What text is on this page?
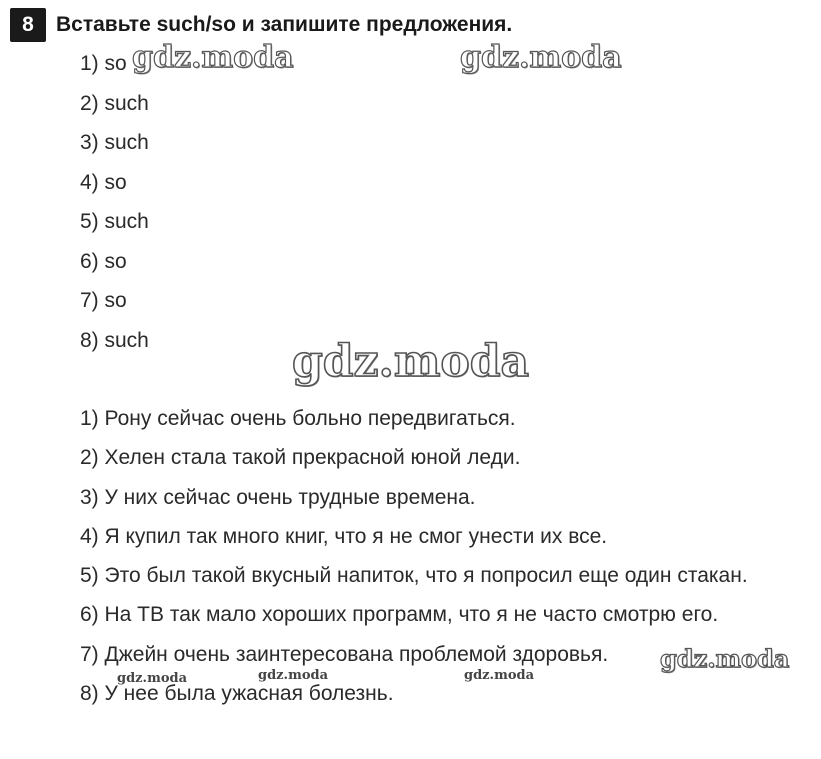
8	Вставьте such/so и запишите предложения.
1) so
2) such
3) such
4) so
5) such
6) so
7) so
8) such
1) Рону сейчас очень больно передвигаться.
2) Хелен стала такой прекрасной юной леди.
3) У них сейчас очень трудные времена.
4) Я купил так много книг, что я не смог унести их все.
5) Это был такой вкусный напиток, что я попросил еще один стакан.
6) На ТВ так мало хороших программ, что я не часто смотрю его.
7) Джейн очень заинтересована проблемой здоровья.
8) У нее была ужасная болезнь.
gdz.moda	gdz.moda
gdz.moda
gdz.moda
gdz.moda	gdz.moda	gdz.moda
